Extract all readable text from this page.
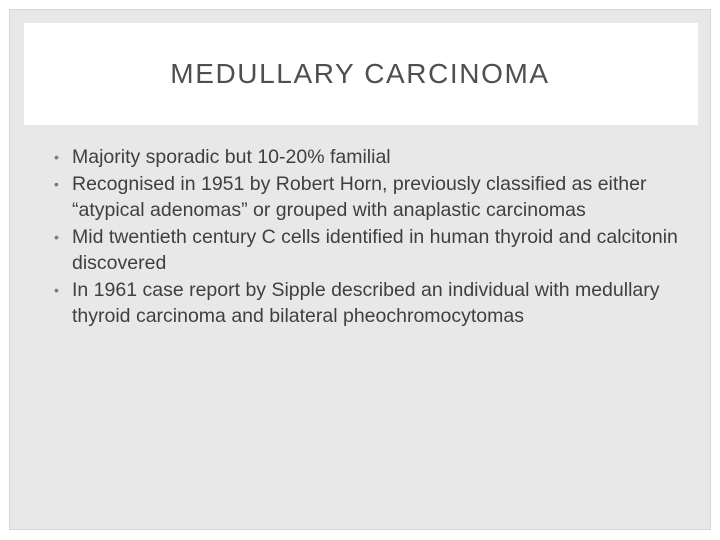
MEDULLARY CARCINOMA
• Majority sporadic but 10-20% familial
• Recognised in 1951 by Robert Horn, previously classified as either “atypical adenomas” or grouped with anaplastic carcinomas
• Mid twentieth century C cells identified in human thyroid and calcitonin discovered
• In 1961 case report by Sipple described an individual with medullary thyroid carcinoma and bilateral pheochromocytomas
